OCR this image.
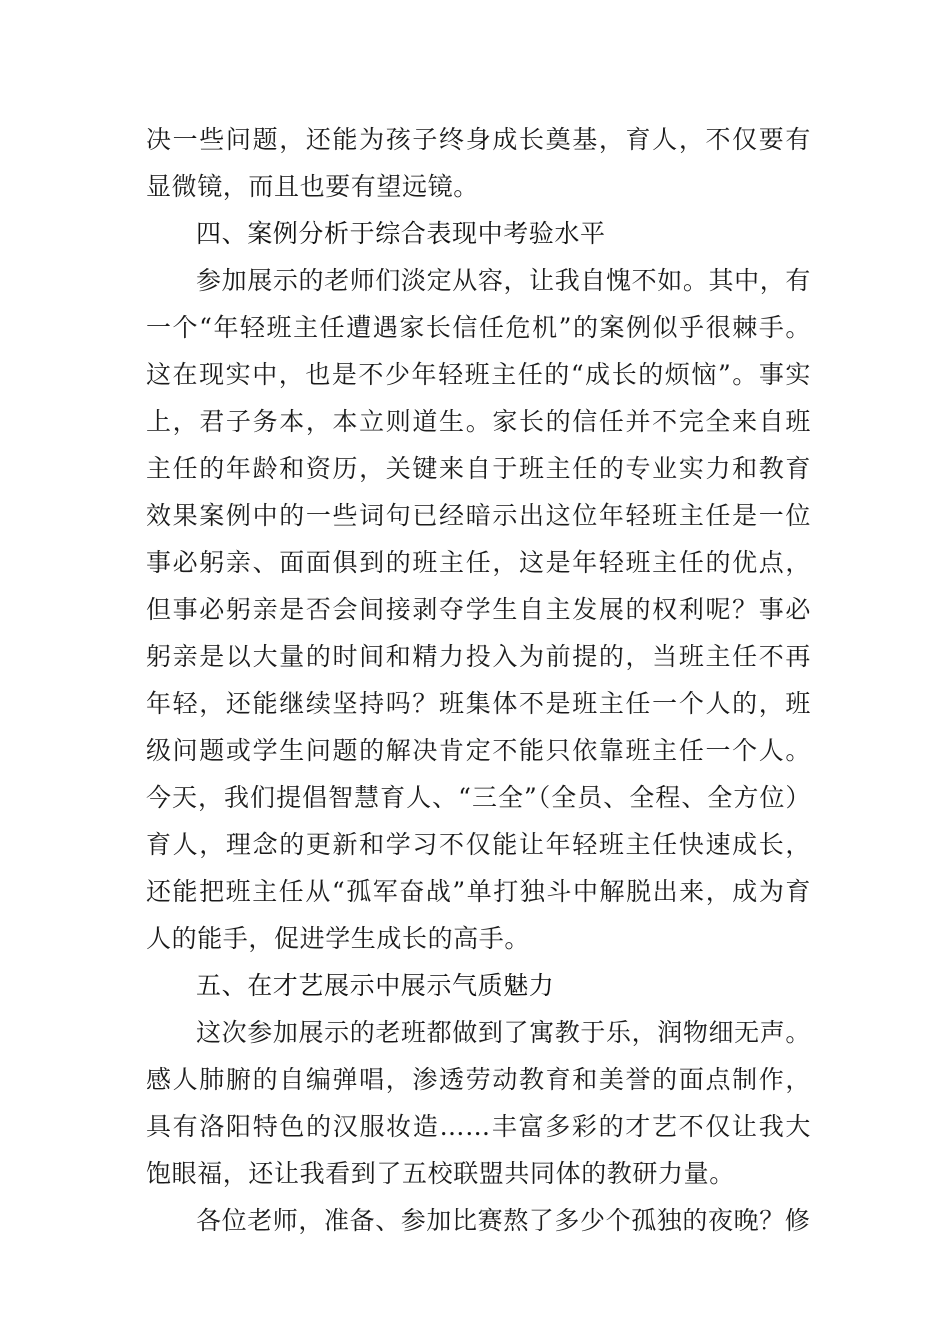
决一些问题，还能为孩子终身成长奠基，育人，不仅要有显微镜，而且也要有望远镜。

四、案例分析于综合表现中考验水平

参加展示的老师们淡定从容，让我自愧不如。其中，有一个“年轻班主任遭遇家长信任危机”的案例似乎很棘手。这在现实中，也是不少年轻班主任的“成长的烦恼”。事实上，君子务本，本立则道生。家长的信任并不完全来自班主任的年龄和资历，关键来自于班主任的专业实力和教育效果案例中的一些词句已经暗示出这位年轻班主任是一位事必躬亲、面面俱到的班主任，这是年轻班主任的优点，但事必躬亲是否会间接剥夺学生自主发展的权利呢？事必躬亲是以大量的时间和精力投入为前提的，当班主任不再年轻，还能继续坚持吗？班集体不是班主任一个人的，班级问题或学生问题的解决肯定不能只依靠班主任一个人。今天，我们提倡智慧育人、“三全”（全员、全程、全方位）育人，理念的更新和学习不仅能让年轻班主任快速成长，还能把班主任从“孤军奋战”单打独斗中解脱出来，成为育人的能手，促进学生成长的高手。

五、在才艺展示中展示气质魅力

这次参加展示的老班都做到了寓教于乐，润物细无声。感人肺腑的自编弹唱，渗透劳动教育和美誉的面点制作，具有洛阳特色的汉服妆造……丰富多彩的才艺不仅让我大饱眼福，还让我看到了五校联盟共同体的教研力量。

各位老师，准备、参加比赛熬了多少个孤独的夜晚？修
